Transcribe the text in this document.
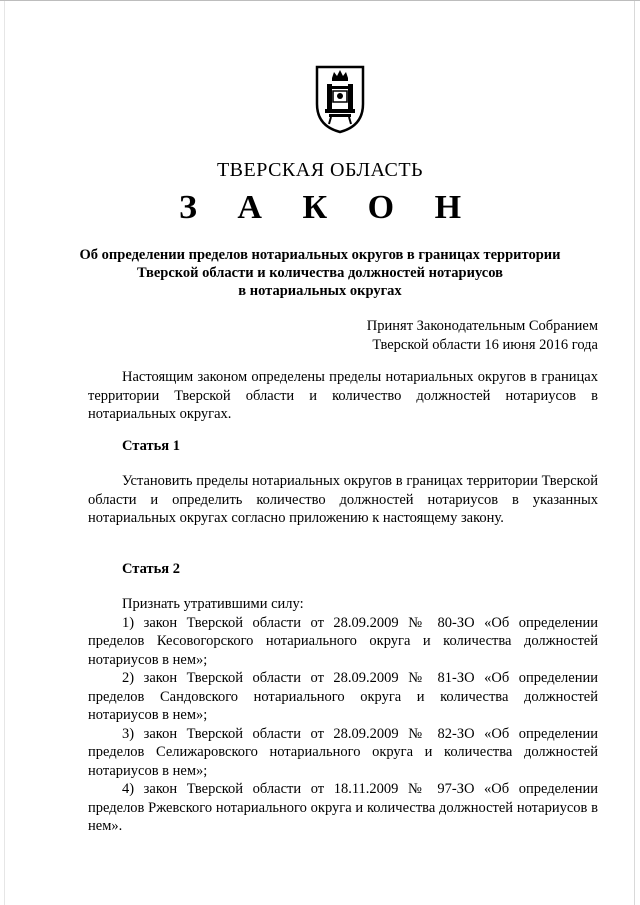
ТВЕРСКАЯ ОБЛАСТЬ
З А К О Н
Об определении пределов нотариальных округов в границах территории
Тверской области и количества должностей нотариусов
в нотариальных округах
Принят Законодательным Собранием
Тверской области 16 июня 2016 года

Настоящим законом определены пределы нотариальных округов в границах территории Тверской области и количество должностей нотариусов в нотариальных округах.

Статья 1

Установить пределы нотариальных округов в границах территории Тверской области и определить количество должностей нотариусов в указанных нотариальных округах согласно приложению к настоящему закону.

Статья 2

Признать утратившими силу:

1) закон Тверской области от 28.09.2009 № 80-ЗО «Об определении пределов Кесовогорского нотариального округа и количества должностей нотариусов в нем»;

2) закон Тверской области от 28.09.2009 № 81-ЗО «Об определении пределов Сандовского нотариального округа и количества должностей нотариусов в нем»;

3) закон Тверской области от 28.09.2009 № 82-ЗО «Об определении пределов Селижаровского нотариального округа и количества должностей нотариусов в нем»;

4) закон Тверской области от 18.11.2009 № 97-ЗО «Об определении пределов Ржевского нотариального округа и количества должностей нотариусов в нем».
